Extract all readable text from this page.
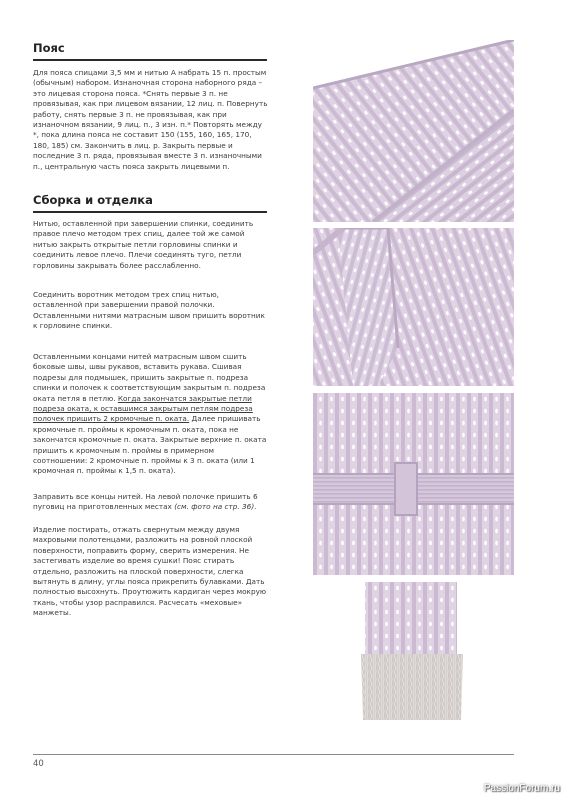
Пояс

Для пояса спицами 3,5 мм и нитью А набрать 15 п. простым (обычным) набором. Изнаночная сторона наборного ряда – это лицевая сторона пояса. *Снять первые 3 п. не провязывая, как при лицевом вязании, 12 лиц. п. Повернуть работу, снять первые 3 п. не провязывая, как при изнаночном вязании, 9 лиц. п., 3 изн. п.* Повторять между *, пока длина пояса не составит 150 (155, 160, 165, 170, 180, 185) см. Закончить в лиц. р. Закрыть первые и последние 3 п. ряда, провязывая вместе 3 п. изнаночными п., центральную часть пояса закрыть лицевыми п.

Сборка и отделка

Нитью, оставленной при завершении спинки, соединить правое плечо методом трех спиц, далее той же самой нитью закрыть открытые петли горловины спинки и соединить левое плечо. Плечи соединять туго, петли горловины закрывать более расслабленно.

Соединить воротник методом трех спиц нитью, оставленной при завершении правой полочки. Оставленными нитями матрасным швом пришить воротник к горловине спинки.

Оставленными концами нитей матрасным швом сшить боковые швы, швы рукавов, вставить рукава. Сшивая подрезы для подмышек, пришить закрытые п. подреза спинки и полочек к соответствующим закрытым п. подреза оката петля в петлю. Когда закончатся закрытые петли подреза оката, к оставшимся закрытым петлям подреза полочек пришить 2 кромочные п. оката. Далее пришивать кромочные п. проймы к кромочным п. оката, пока не закончатся кромочные п. оката. Закрытые верхние п. оката пришить к кромочным п. проймы в примерном соотношении: 2 кромочные п. проймы к 3 п. оката (или 1 кромочная п. проймы к 1,5 п. оката).

Заправить все концы нитей. На левой полочке пришить 6 пуговиц на приготовленных местах (см. фото на стр. 36).

Изделие постирать, отжать свернутым между двумя махровыми полотенцами, разложить на ровной плоской поверхности, поправить форму, сверить измерения. Не застегивать изделие во время сушки! Пояс стирать отдельно, разложить на плоской поверхности, слегка вытянуть в длину, углы пояса прикрепить булавками. Дать полностью высохнуть. Проутюжить кардиган через мокрую ткань, чтобы узор расправился. Расчесать «меховые» манжеты.

40
PassionForum.ru
